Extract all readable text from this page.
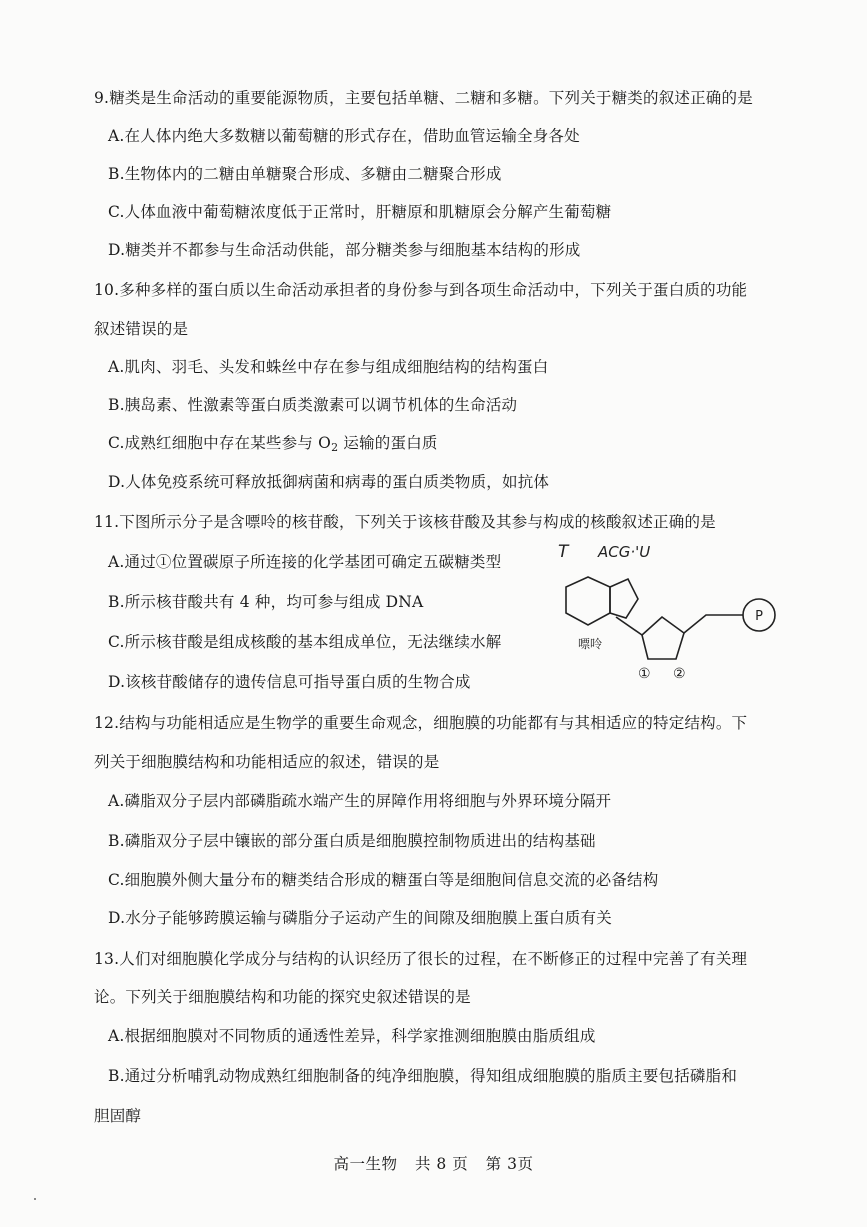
9.糖类是生命活动的重要能源物质，主要包括单糖、二糖和多糖。下列关于糖类的叙述正确的是
A.在人体内绝大多数糖以葡萄糖的形式存在，借助血管运输全身各处
B.生物体内的二糖由单糖聚合形成、多糖由二糖聚合形成
C.人体血液中葡萄糖浓度低于正常时，肝糖原和肌糖原会分解产生葡萄糖
D.糖类并不都参与生命活动供能，部分糖类参与细胞基本结构的形成
10.多种多样的蛋白质以生命活动承担者的身份参与到各项生命活动中，下列关于蛋白质的功能
叙述错误的是
A.肌肉、羽毛、头发和蛛丝中存在参与组成细胞结构的结构蛋白
B.胰岛素、性激素等蛋白质类激素可以调节机体的生命活动
C.成熟红细胞中存在某些参与 $O_2$ 运输的蛋白质
D.人体免疫系统可释放抵御病菌和病毒的蛋白质类物质，如抗体
11.下图所示分子是含嘌呤的核苷酸，下列关于该核苷酸及其参与构成的核酸叙述正确的是
A.通过①位置碳原子所连接的化学基团可确定五碳糖类型
B.所示核苷酸共有 4 种，均可参与组成 DNA
C.所示核苷酸是组成核酸的基本组成单位，无法继续水解
D.该核苷酸储存的遗传信息可指导蛋白质的生物合成
T ACG·'U
嘌呤
① ②
P
12.结构与功能相适应是生物学的重要生命观念，细胞膜的功能都有与其相适应的特定结构。下
列关于细胞膜结构和功能相适应的叙述，错误的是
A.磷脂双分子层内部磷脂疏水端产生的屏障作用将细胞与外界环境分隔开
B.磷脂双分子层中镶嵌的部分蛋白质是细胞膜控制物质进出的结构基础
C.细胞膜外侧大量分布的糖类结合形成的糖蛋白等是细胞间信息交流的必备结构
D.水分子能够跨膜运输与磷脂分子运动产生的间隙及细胞膜上蛋白质有关
13.人们对细胞膜化学成分与结构的认识经历了很长的过程，在不断修正的过程中完善了有关理
论。下列关于细胞膜结构和功能的探究史叙述错误的是
A.根据细胞膜对不同物质的通透性差异，科学家推测细胞膜由脂质组成
B.通过分析哺乳动物成熟红细胞制备的纯净细胞膜，得知组成细胞膜的脂质主要包括磷脂和
胆固醇
高一生物 共 8 页 第 3页
